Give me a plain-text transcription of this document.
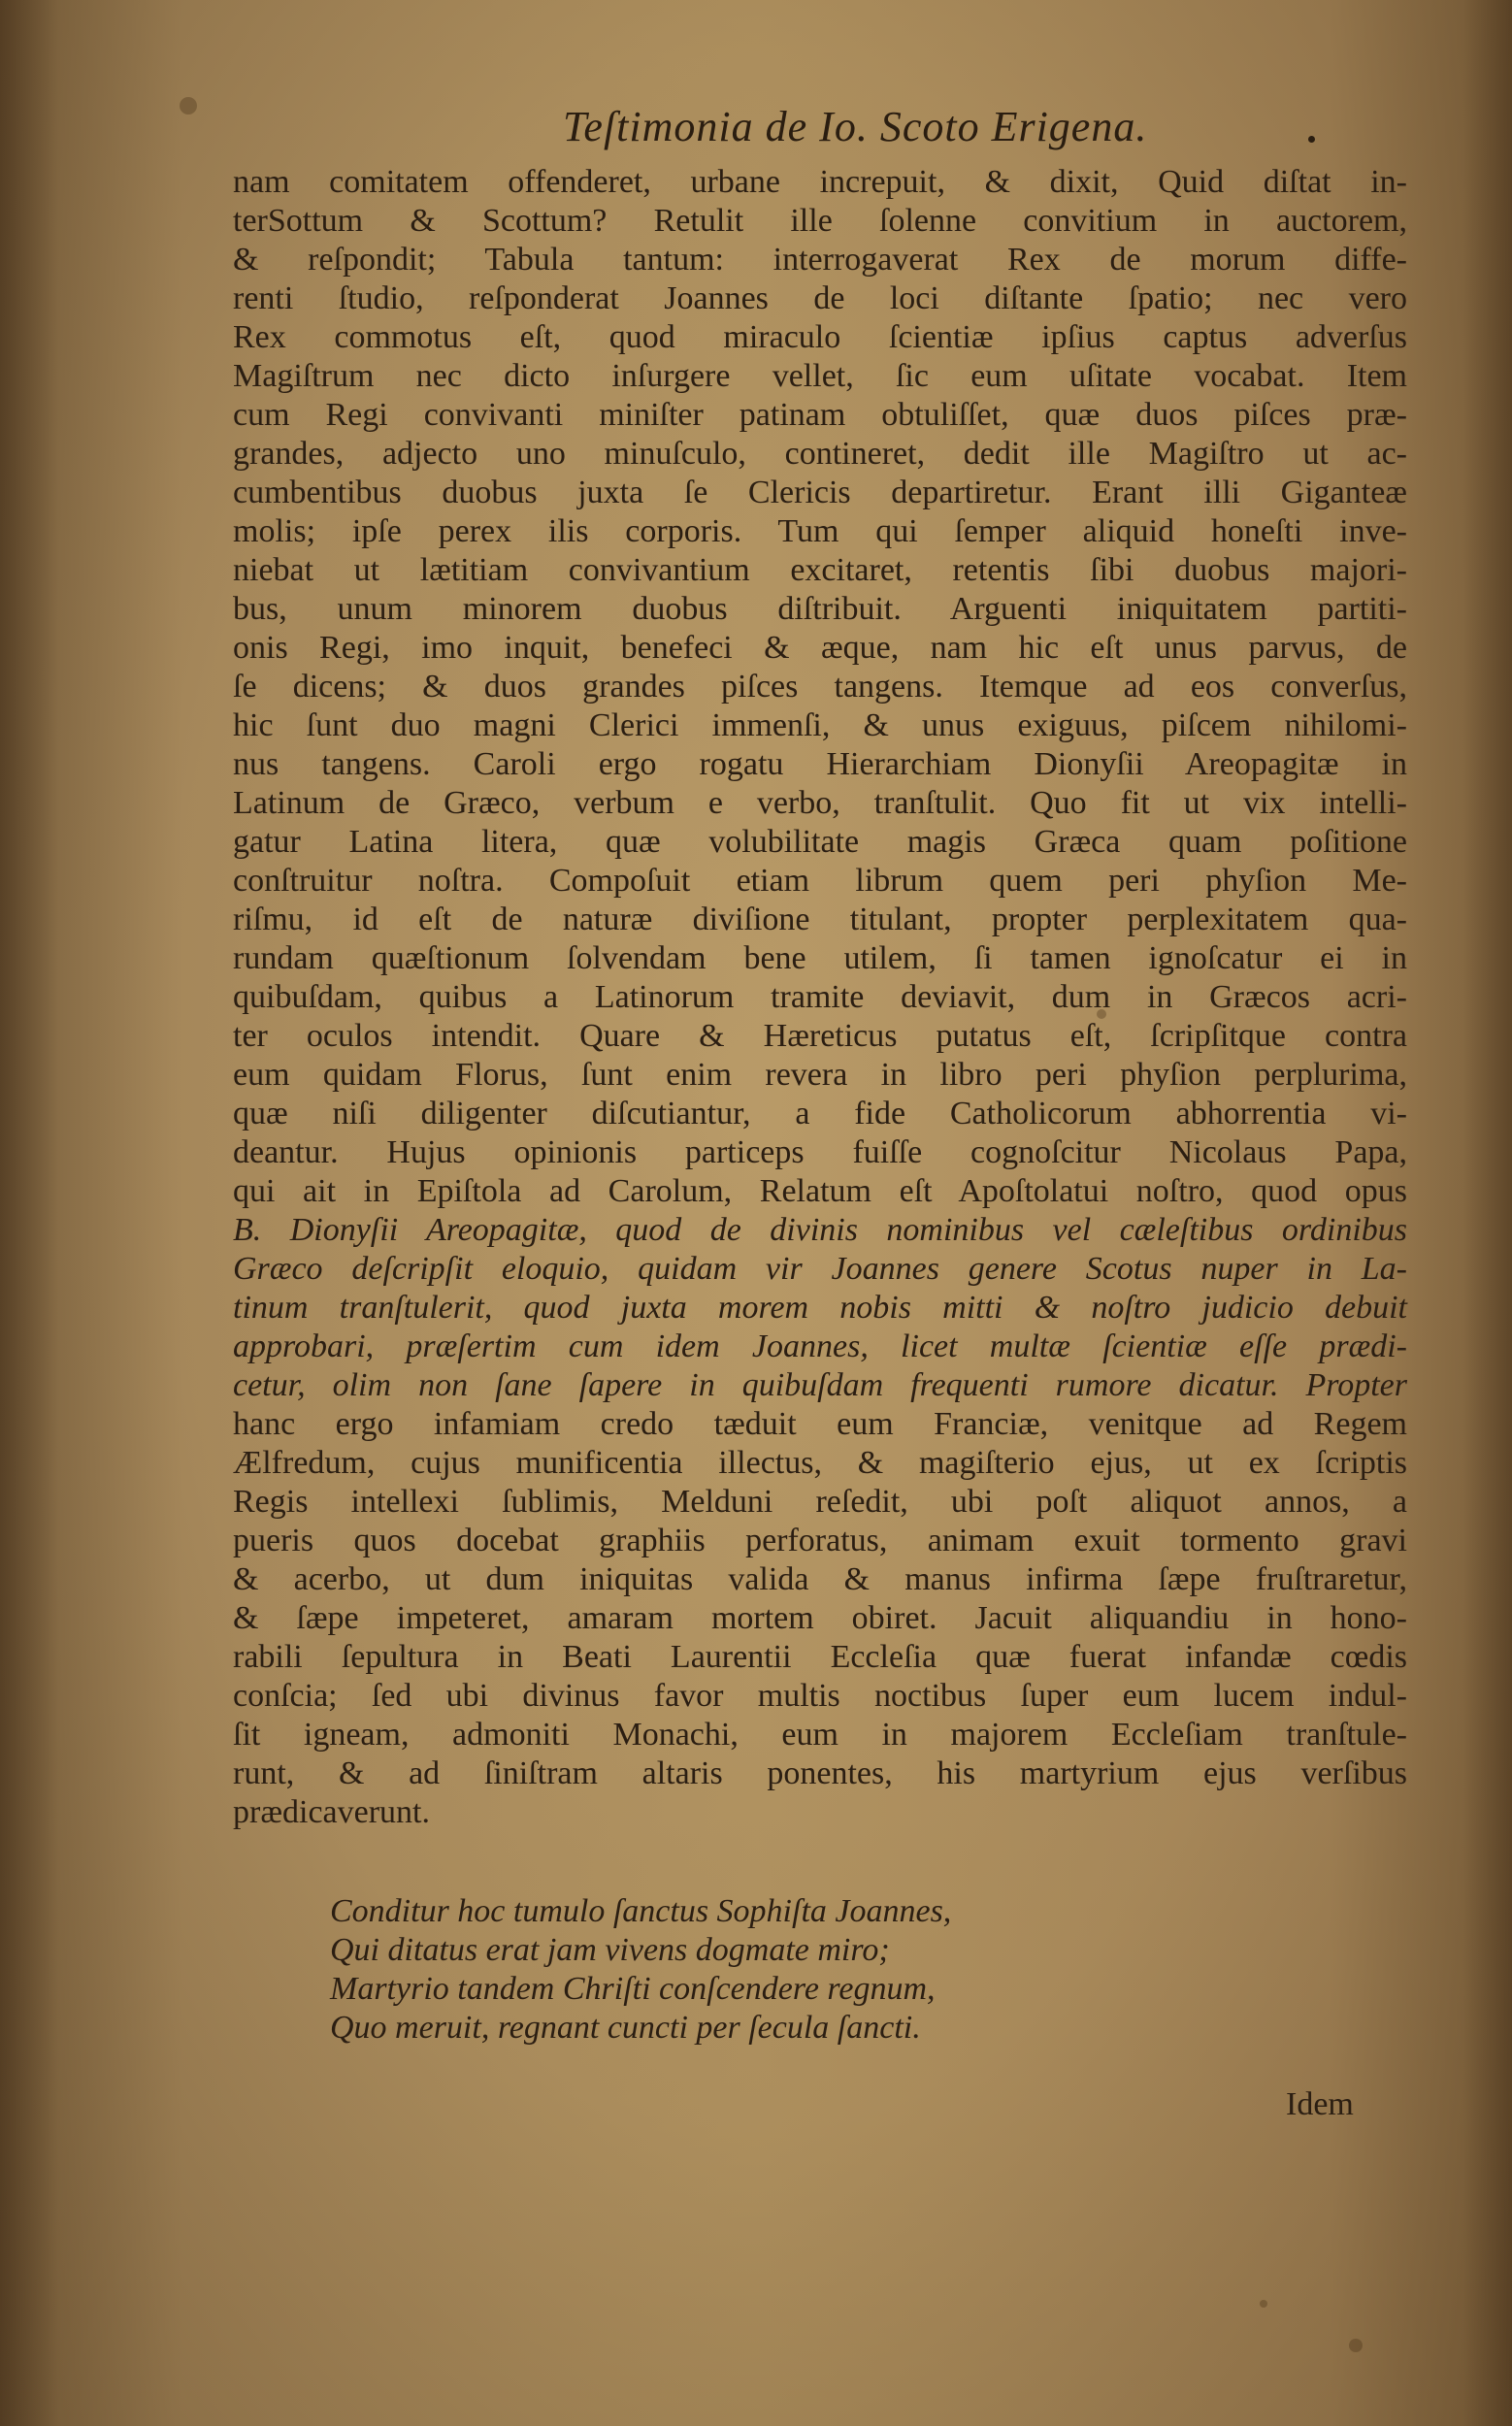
Teſtimonia de Io. Scoto Erigena.
nam comitatem offenderet, urbane increpuit, & dixit, Quid diſtat in-
terSottum & Scottum? Retulit ille ſolenne convitium in auctorem,
& reſpondit; Tabula tantum: interrogaverat Rex de morum diffe-
renti ſtudio, reſponderat Joannes de loci diſtante ſpatio; nec vero
Rex commotus eſt, quod miraculo ſcientiæ ipſius captus adverſus
Magiſtrum nec dicto inſurgere vellet, ſic eum uſitate vocabat. Item
cum Regi convivanti miniſter patinam obtuliſſet, quæ duos piſces præ-
grandes, adjecto uno minuſculo, contineret, dedit ille Magiſtro ut ac-
cumbentibus duobus juxta ſe Clericis departiretur. Erant illi Giganteæ
molis; ipſe perex ilis corporis. Tum qui ſemper aliquid honeſti inve-
niebat ut lætitiam convivantium excitaret, retentis ſibi duobus majori-
bus, unum minorem duobus diſtribuit. Arguenti iniquitatem partiti-
onis Regi, imo inquit, benefeci & æque, nam hic eſt unus parvus, de
ſe dicens; & duos grandes piſces tangens. Itemque ad eos converſus,
hic ſunt duo magni Clerici immenſi, & unus exiguus, piſcem nihilomi-
nus tangens. Caroli ergo rogatu Hierarchiam Dionyſii Areopagitæ in
Latinum de Græco, verbum e verbo, tranſtulit. Quo fit ut vix intelli-
gatur Latina litera, quæ volubilitate magis Græca quam poſitione
conſtruitur noſtra. Compoſuit etiam librum quem peri phyſion Me-
riſmu, id eſt de naturæ diviſione titulant, propter perplexitatem qua-
rundam quæſtionum ſolvendam bene utilem, ſi tamen ignoſcatur ei in
quibuſdam, quibus a Latinorum tramite deviavit, dum in Græcos acri-
ter oculos intendit. Quare & Hæreticus putatus eſt, ſcripſitque contra
eum quidam Florus, ſunt enim revera in libro peri phyſion perplurima,
quæ niſi diligenter diſcutiantur, a fide Catholicorum abhorrentia vi-
deantur. Hujus opinionis particeps fuiſſe cognoſcitur Nicolaus Papa,
qui ait in Epiſtola ad Carolum, Relatum eſt Apoſtolatui noſtro, quod opus
B. Dionyſii Areopagitæ, quod de divinis nominibus vel cæleſtibus ordinibus
Græco deſcripſit eloquio, quidam vir Joannes genere Scotus nuper in La-
tinum tranſtulerit, quod juxta morem nobis mitti & noſtro judicio debuit
approbari, præſertim cum idem Joannes, licet multæ ſcientiæ eſſe prædi-
cetur, olim non ſane ſapere in quibuſdam frequenti rumore dicatur. Propter
hanc ergo infamiam credo tæduit eum Franciæ, venitque ad Regem
Ælfredum, cujus munificentia illectus, & magiſterio ejus, ut ex ſcriptis
Regis intellexi ſublimis, Melduni reſedit, ubi poſt aliquot annos, a
pueris quos docebat graphiis perforatus, animam exuit tormento gravi
& acerbo, ut dum iniquitas valida & manus infirma ſæpe fruſtraretur,
& ſæpe impeteret, amaram mortem obiret. Jacuit aliquandiu in hono-
rabili ſepultura in Beati Laurentii Eccleſia quæ fuerat infandæ cœdis
conſcia; ſed ubi divinus favor multis noctibus ſuper eum lucem indul-
ſit igneam, admoniti Monachi, eum in majorem Eccleſiam tranſtule-
runt, & ad ſiniſtram altaris ponentes, his martyrium ejus verſibus
prædicaverunt.
Conditur hoc tumulo ſanctus Sophiſta Joannes,
Qui ditatus erat jam vivens dogmate miro;
Martyrio tandem Chriſti conſcendere regnum,
Quo meruit, regnant cuncti per ſecula ſancti.
Idem
